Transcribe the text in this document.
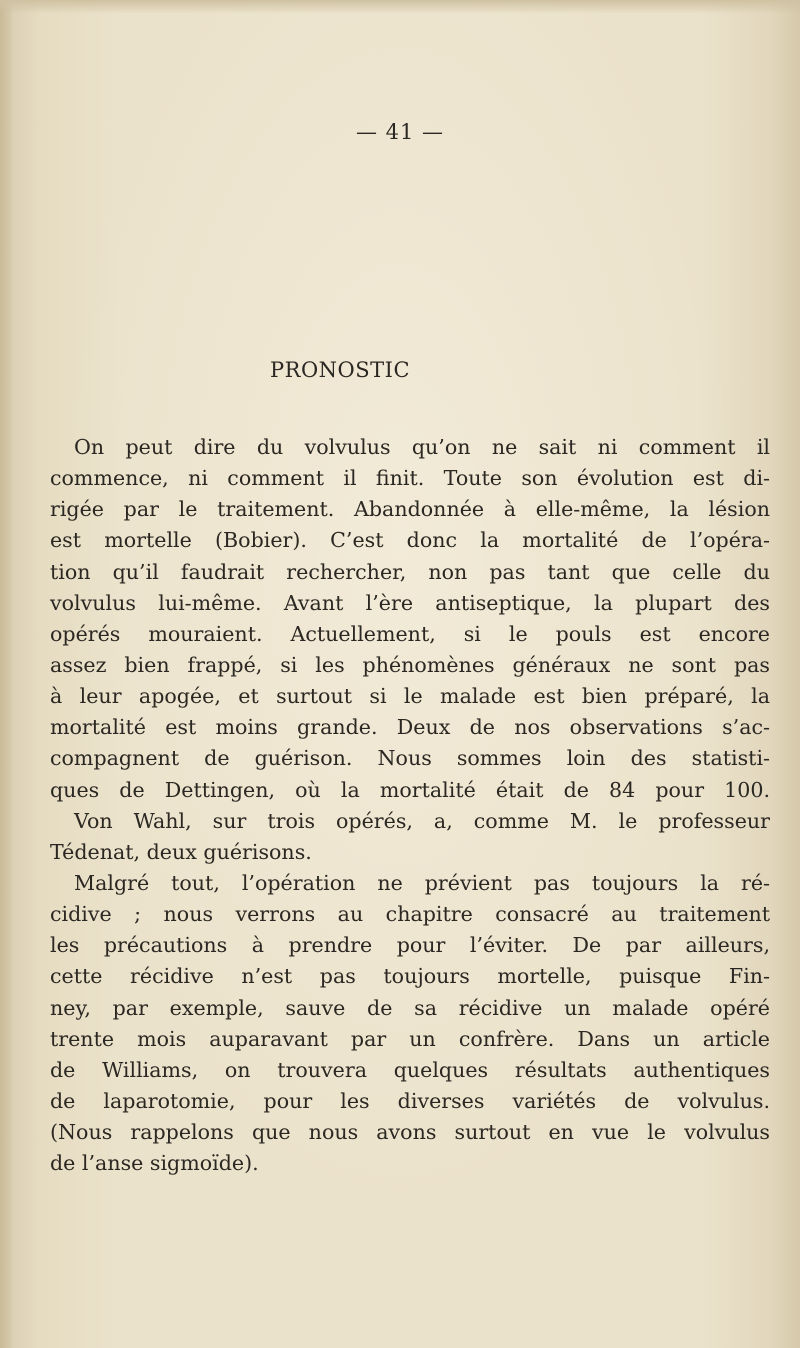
— 41 —
PRONOSTIC
On peut dire du volvulus qu’on ne sait ni comment il
commence, ni comment il finit. Toute son évolution est di-
rigée par le traitement. Abandonnée à elle-même, la lésion
est mortelle (Bobier). C’est donc la mortalité de l’opéra-
tion qu’il faudrait rechercher, non pas tant que celle du
volvulus lui-même. Avant l’ère antiseptique, la plupart des
opérés mouraient. Actuellement, si le pouls est encore
assez bien frappé, si les phénomènes généraux ne sont pas
à leur apogée, et surtout si le malade est bien préparé, la
mortalité est moins grande. Deux de nos observations s’ac-
compagnent de guérison. Nous sommes loin des statisti-
ques de Dettingen, où la mortalité était de 84 pour 100.
Von Wahl, sur trois opérés, a, comme M. le professeur
Tédenat, deux guérisons.
Malgré tout, l’opération ne prévient pas toujours la ré-
cidive ; nous verrons au chapitre consacré au traitement
les précautions à prendre pour l’éviter. De par ailleurs,
cette récidive n’est pas toujours mortelle, puisque Fin-
ney, par exemple, sauve de sa récidive un malade opéré
trente mois auparavant par un confrère. Dans un article
de Williams, on trouvera quelques résultats authentiques
de laparotomie, pour les diverses variétés de volvulus.
(Nous rappelons que nous avons surtout en vue le volvulus
de l’anse sigmoïde).
